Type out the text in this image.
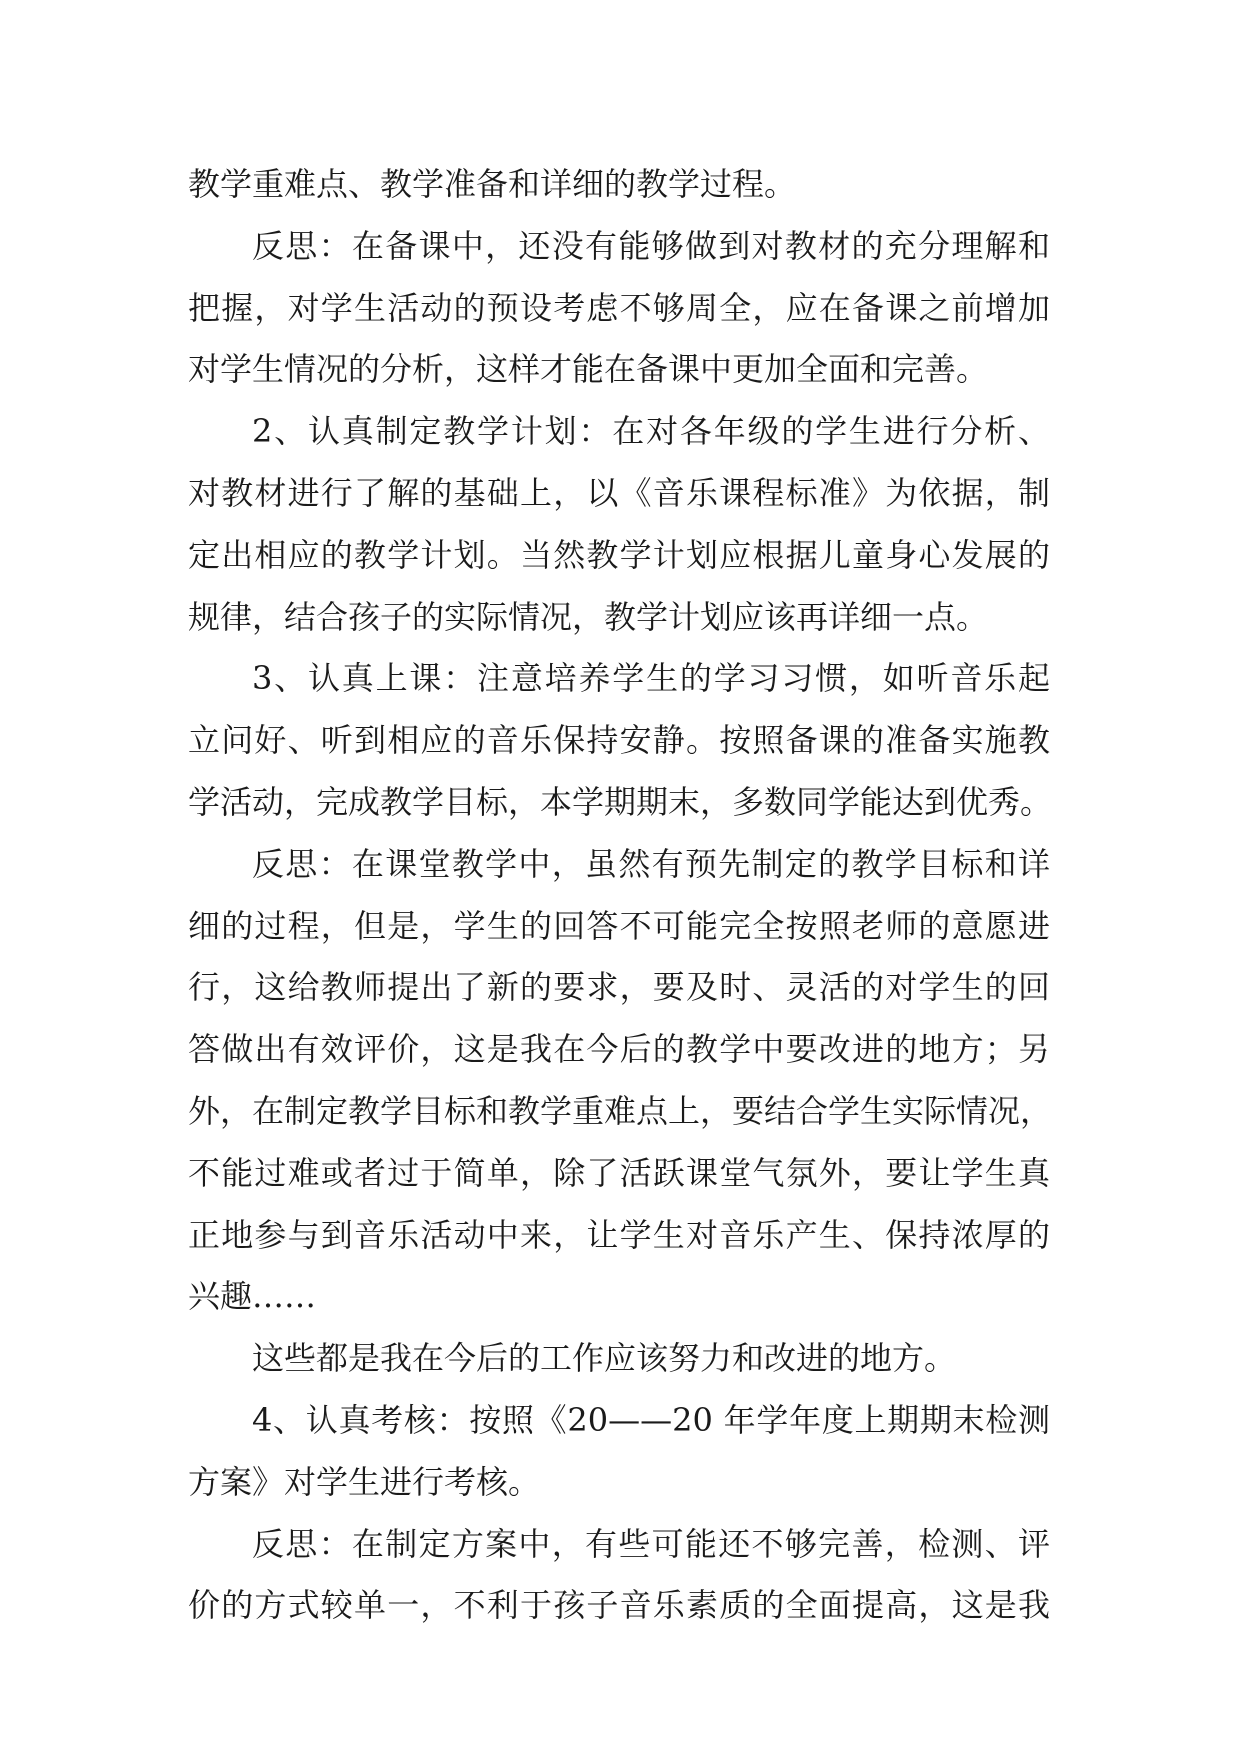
教学重难点、教学准备和详细的教学过程。
反思：在备课中，还没有能够做到对教材的充分理解和
把握，对学生活动的预设考虑不够周全，应在备课之前增加
对学生情况的分析，这样才能在备课中更加全面和完善。
2、认真制定教学计划：在对各年级的学生进行分析、
对教材进行了解的基础上，以《音乐课程标准》为依据，制
定出相应的教学计划。当然教学计划应根据儿童身心发展的
规律，结合孩子的实际情况，教学计划应该再详细一点。
3、认真上课：注意培养学生的学习习惯，如听音乐起
立问好、听到相应的音乐保持安静。按照备课的准备实施教
学活动，完成教学目标，本学期期末，多数同学能达到优秀。
反思：在课堂教学中，虽然有预先制定的教学目标和详
细的过程，但是，学生的回答不可能完全按照老师的意愿进
行，这给教师提出了新的要求，要及时、灵活的对学生的回
答做出有效评价，这是我在今后的教学中要改进的地方；另
外，在制定教学目标和教学重难点上，要结合学生实际情况，
不能过难或者过于简单，除了活跃课堂气氛外，要让学生真
正地参与到音乐活动中来，让学生对音乐产生、保持浓厚的
兴趣……
这些都是我在今后的工作应该努力和改进的地方。
4、认真考核：按照《20——20 年学年度上期期末检测
方案》对学生进行考核。
反思：在制定方案中，有些可能还不够完善，检测、评
价的方式较单一，不利于孩子音乐素质的全面提高，这是我
